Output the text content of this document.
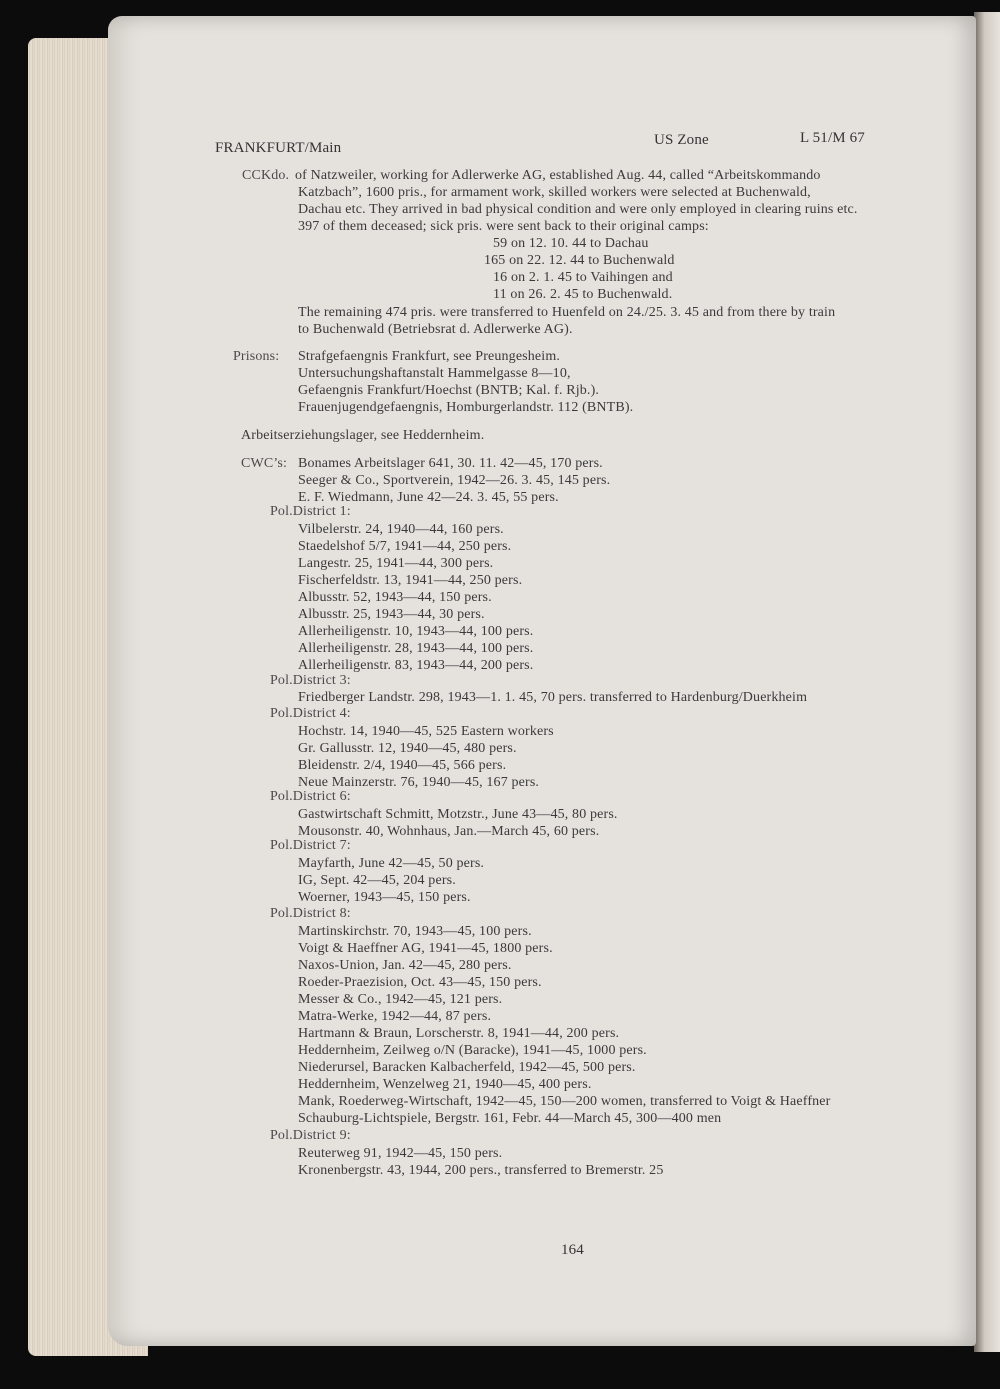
FRANKFURT/Main	US Zone	L 51/M 67
CCKdo. of Natzweiler, working for Adlerwerke AG, established Aug. 44, called “Arbeitskommando
Katzbach”, 1600 pris., for armament work, skilled workers were selected at Buchenwald,
Dachau etc. They arrived in bad physical condition and were only employed in clearing ruins etc.
397 of them deceased; sick pris. were sent back to their original camps:
59 on 12. 10. 44 to Dachau
165 on 22. 12. 44 to Buchenwald
16 on 2. 1. 45 to Vaihingen and
11 on 26. 2. 45 to Buchenwald.
The remaining 474 pris. were transferred to Huenfeld on 24./25. 3. 45 and from there by train
to Buchenwald (Betriebsrat d. Adlerwerke AG).
Prisons: Strafgefaengnis Frankfurt, see Preungesheim.
Untersuchungshaftanstalt Hammelgasse 8—10,
Gefaengnis Frankfurt/Hoechst (BNTB; Kal. f. Rjb.).
Frauenjugendgefaengnis, Homburgerlandstr. 112 (BNTB).
Arbeitserziehungslager, see Heddernheim.
CWC’s: Bonames Arbeitslager 641, 30. 11. 42—45, 170 pers.
Seeger & Co., Sportverein, 1942—26. 3. 45, 145 pers.
E. F. Wiedmann, June 42—24. 3. 45, 55 pers.
Pol.District 1:
Vilbelerstr. 24, 1940—44, 160 pers.
Staedelshof 5/7, 1941—44, 250 pers.
Langestr. 25, 1941—44, 300 pers.
Fischerfeldstr. 13, 1941—44, 250 pers.
Albusstr. 52, 1943—44, 150 pers.
Albusstr. 25, 1943—44, 30 pers.
Allerheiligenstr. 10, 1943—44, 100 pers.
Allerheiligenstr. 28, 1943—44, 100 pers.
Allerheiligenstr. 83, 1943—44, 200 pers.
Pol.District 3:
Friedberger Landstr. 298, 1943—1. 1. 45, 70 pers. transferred to Hardenburg/Duerkheim
Pol.District 4:
Hochstr. 14, 1940—45, 525 Eastern workers
Gr. Gallusstr. 12, 1940—45, 480 pers.
Bleidenstr. 2/4, 1940—45, 566 pers.
Neue Mainzerstr. 76, 1940—45, 167 pers.
Pol.District 6:
Gastwirtschaft Schmitt, Motzstr., June 43—45, 80 pers.
Mousonstr. 40, Wohnhaus, Jan.—March 45, 60 pers.
Pol.District 7:
Mayfarth, June 42—45, 50 pers.
IG, Sept. 42—45, 204 pers.
Woerner, 1943—45, 150 pers.
Pol.District 8:
Martinskirchstr. 70, 1943—45, 100 pers.
Voigt & Haeffner AG, 1941—45, 1800 pers.
Naxos-Union, Jan. 42—45, 280 pers.
Roeder-Praezision, Oct. 43—45, 150 pers.
Messer & Co., 1942—45, 121 pers.
Matra-Werke, 1942—44, 87 pers.
Hartmann & Braun, Lorscherstr. 8, 1941—44, 200 pers.
Heddernheim, Zeilweg o/N (Baracke), 1941—45, 1000 pers.
Niederursel, Baracken Kalbacherfeld, 1942—45, 500 pers.
Heddernheim, Wenzelweg 21, 1940—45, 400 pers.
Mank, Roederweg-Wirtschaft, 1942—45, 150—200 women, transferred to Voigt & Haeffner
Schauburg-Lichtspiele, Bergstr. 161, Febr. 44—March 45, 300—400 men
Pol.District 9:
Reuterweg 91, 1942—45, 150 pers.
Kronenbergstr. 43, 1944, 200 pers., transferred to Bremerstr. 25
164
